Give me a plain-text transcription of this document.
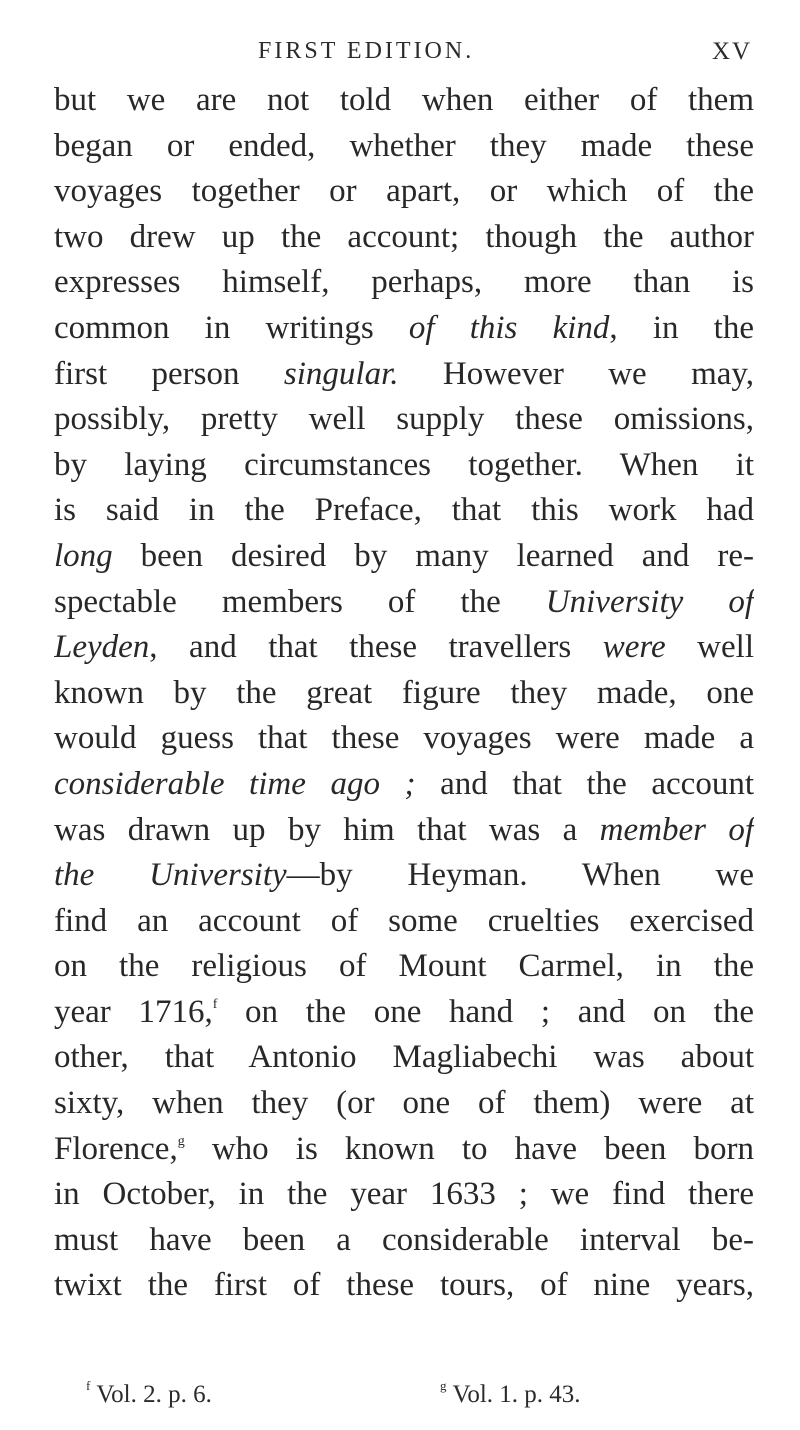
FIRST EDITION.	XV
but we are not told when either of them
began or ended, whether they made these
voyages together or apart, or which of the
two drew up the account; though the author
expresses himself, perhaps, more than is
common in writings of this kind, in the
first person singular. However we may,
possibly, pretty well supply these omissions,
by laying circumstances together. When it
is said in the Preface, that this work had
long been desired by many learned and re-
spectable members of the University of
Leyden, and that these travellers were well
known by the great figure they made, one
would guess that these voyages were made a
considerable time ago ; and that the account
was drawn up by him that was a member of
the University—by Heyman. When we
find an account of some cruelties exercised
on the religious of Mount Carmel, in the
year 1716,$^f$ on the one hand ; and on the
other, that Antonio Magliabechi was about
sixty, when they (or one of them) were at
Florence,$^g$ who is known to have been born
in October, in the year 1633 ; we find there
must have been a considerable interval be-
twixt the first of these tours, of nine years,
$^f$ Vol. 2. p. 6.	$^g$ Vol. 1. p. 43.
